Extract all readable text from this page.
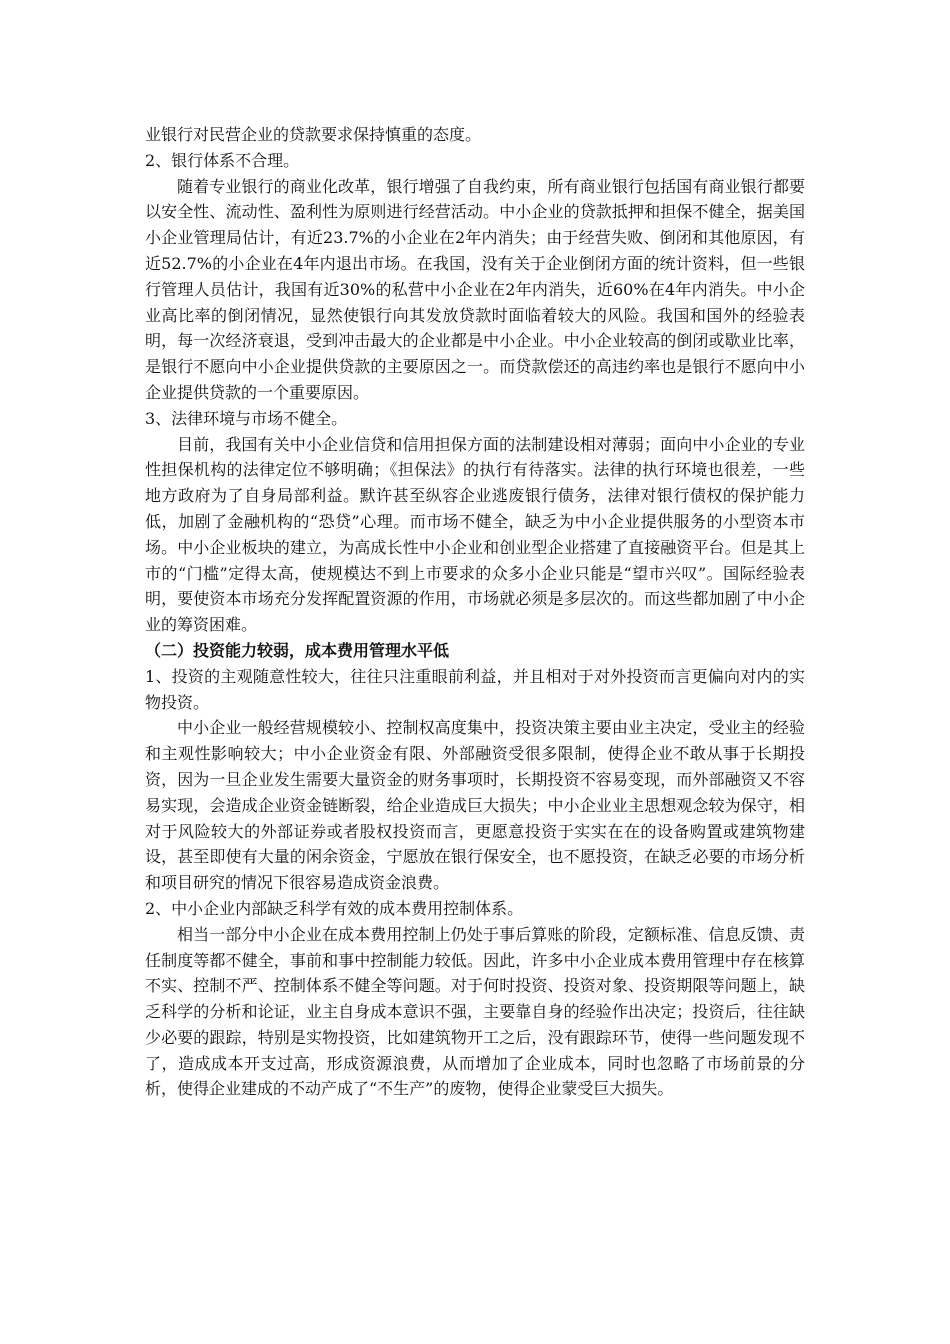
业银行对民营企业的贷款要求保持慎重的态度。

2、银行体系不合理。

随着专业银行的商业化改革，银行增强了自我约束，所有商业银行包括国有商业银行都要以安全性、流动性、盈利性为原则进行经营活动。中小企业的贷款抵押和担保不健全，据美国小企业管理局估计，有近23.7%的小企业在2年内消失；由于经营失败、倒闭和其他原因，有近52.7%的小企业在4年内退出市场。在我国，没有关于企业倒闭方面的统计资料，但一些银行管理人员估计，我国有近30%的私营中小企业在2年内消失，近60%在4年内消失。中小企业高比率的倒闭情况，显然使银行向其发放贷款时面临着较大的风险。我国和国外的经验表明，每一次经济衰退，受到冲击最大的企业都是中小企业。中小企业较高的倒闭或歇业比率，是银行不愿向中小企业提供贷款的主要原因之一。而贷款偿还的高违约率也是银行不愿向中小企业提供贷款的一个重要原因。

3、法律环境与市场不健全。

目前，我国有关中小企业信贷和信用担保方面的法制建设相对薄弱；面向中小企业的专业性担保机构的法律定位不够明确；《担保法》的执行有待落实。法律的执行环境也很差，一些地方政府为了自身局部利益。默许甚至纵容企业逃废银行债务，法律对银行债权的保护能力低，加剧了金融机构的“恐贷”心理。而市场不健全，缺乏为中小企业提供服务的小型资本市场。中小企业板块的建立，为高成长性中小企业和创业型企业搭建了直接融资平台。但是其上市的“门槛”定得太高，使规模达不到上市要求的众多小企业只能是“望市兴叹”。国际经验表明，要使资本市场充分发挥配置资源的作用，市场就必须是多层次的。而这些都加剧了中小企业的筹资困难。

（二）投资能力较弱，成本费用管理水平低

1、投资的主观随意性较大，往往只注重眼前利益，并且相对于对外投资而言更偏向对内的实物投资。

中小企业一般经营规模较小、控制权高度集中，投资决策主要由业主决定，受业主的经验和主观性影响较大；中小企业资金有限、外部融资受很多限制，使得企业不敢从事于长期投资，因为一旦企业发生需要大量资金的财务事项时，长期投资不容易变现，而外部融资又不容易实现，会造成企业资金链断裂，给企业造成巨大损失；中小企业业主思想观念较为保守，相对于风险较大的外部证券或者股权投资而言，更愿意投资于实实在在的设备购置或建筑物建设，甚至即使有大量的闲余资金，宁愿放在银行保安全，也不愿投资，在缺乏必要的市场分析和项目研究的情况下很容易造成资金浪费。

2、中小企业内部缺乏科学有效的成本费用控制体系。

相当一部分中小企业在成本费用控制上仍处于事后算账的阶段，定额标准、信息反馈、责任制度等都不健全，事前和事中控制能力较低。因此，许多中小企业成本费用管理中存在核算不实、控制不严、控制体系不健全等问题。对于何时投资、投资对象、投资期限等问题上，缺乏科学的分析和论证，业主自身成本意识不强，主要靠自身的经验作出决定；投资后，往往缺少必要的跟踪，特别是实物投资，比如建筑物开工之后，没有跟踪环节，使得一些问题发现不了，造成成本开支过高，形成资源浪费，从而增加了企业成本，同时也忽略了市场前景的分析，使得企业建成的不动产成了“不生产”的废物，使得企业蒙受巨大损失。
